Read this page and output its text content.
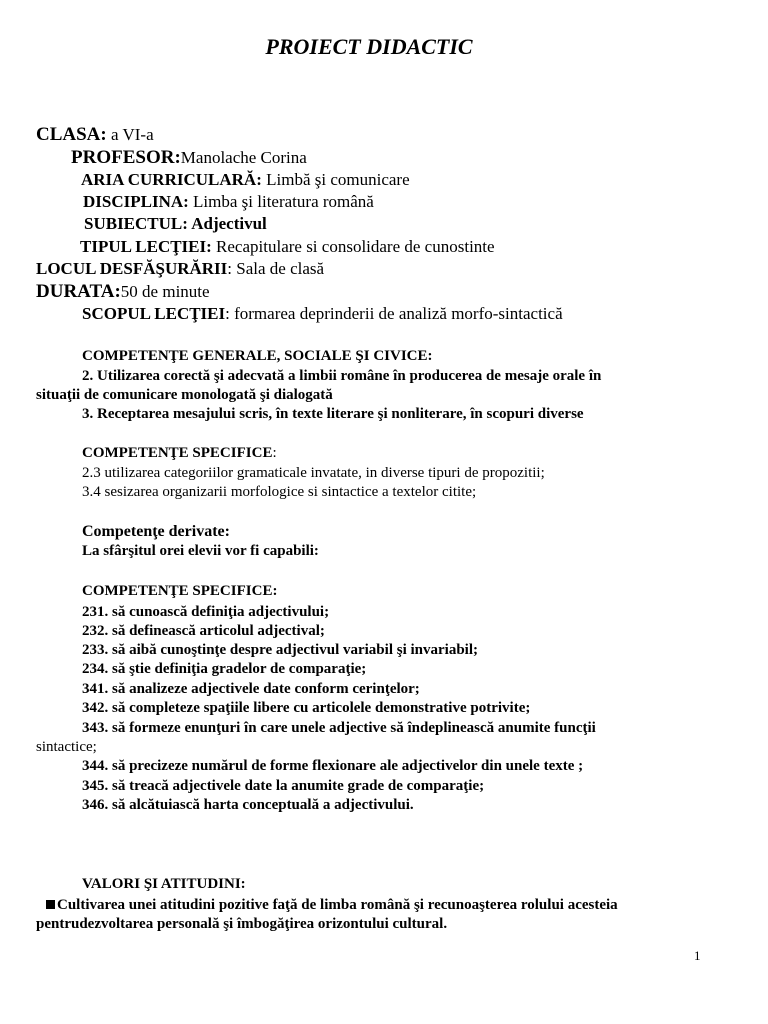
PROIECT DIDACTIC
CLASA: a VI-a
PROFESOR:Manolache Corina
ARIA CURRICULARĂ: Limbă şi comunicare
DISCIPLINA: Limba şi literatura română
SUBIECTUL: Adjectivul
TIPUL LECŢIEI: Recapitulare si consolidare de cunostinte
LOCUL DESFĂŞURĂRII: Sala de clasă
DURATA:50 de minute
SCOPUL LECŢIEI: formarea deprinderii de analiză morfo-sintactică
COMPETENŢE GENERALE, SOCIALE ŞI CIVICE:
2. Utilizarea corectă şi adecvată a limbii române în producerea de mesaje orale în
situaţii de comunicare monologată şi dialogată
3. Receptarea mesajului scris, în texte literare şi nonliterare, în scopuri diverse
COMPETENŢE SPECIFICE:
2.3 utilizarea categoriilor gramaticale invatate, in diverse tipuri de propozitii;
3.4 sesizarea organizarii morfologice si sintactice a textelor citite;
Competenţe derivate:
La sfârşitul orei elevii vor fi capabili:
COMPETENŢE SPECIFICE:
231. să cunoască definiţia adjectivului;
232. să definească articolul adjectival;
233. să aibă cunoştinţe despre adjectivul variabil şi invariabil;
234. să ştie definiţia gradelor de comparaţie;
341. să analizeze adjectivele date conform cerinţelor;
342. să completeze spaţiile libere cu articolele demonstrative potrivite;
343. să formeze enunţuri în care unele adjective să îndeplinească anumite funcţii
sintactice;
344. să precizeze numărul de forme flexionare ale adjectivelor din unele texte ;
345. să treacă adjectivele date la anumite grade de comparaţie;
346. să alcătuiască harta conceptuală a adjectivului.
VALORI ŞI ATITUDINI:
Cultivarea unei atitudini pozitive faţă de limba română şi recunoaşterea rolului acesteia
pentrudezvoltarea personală şi îmbogăţirea orizontului cultural.
1
